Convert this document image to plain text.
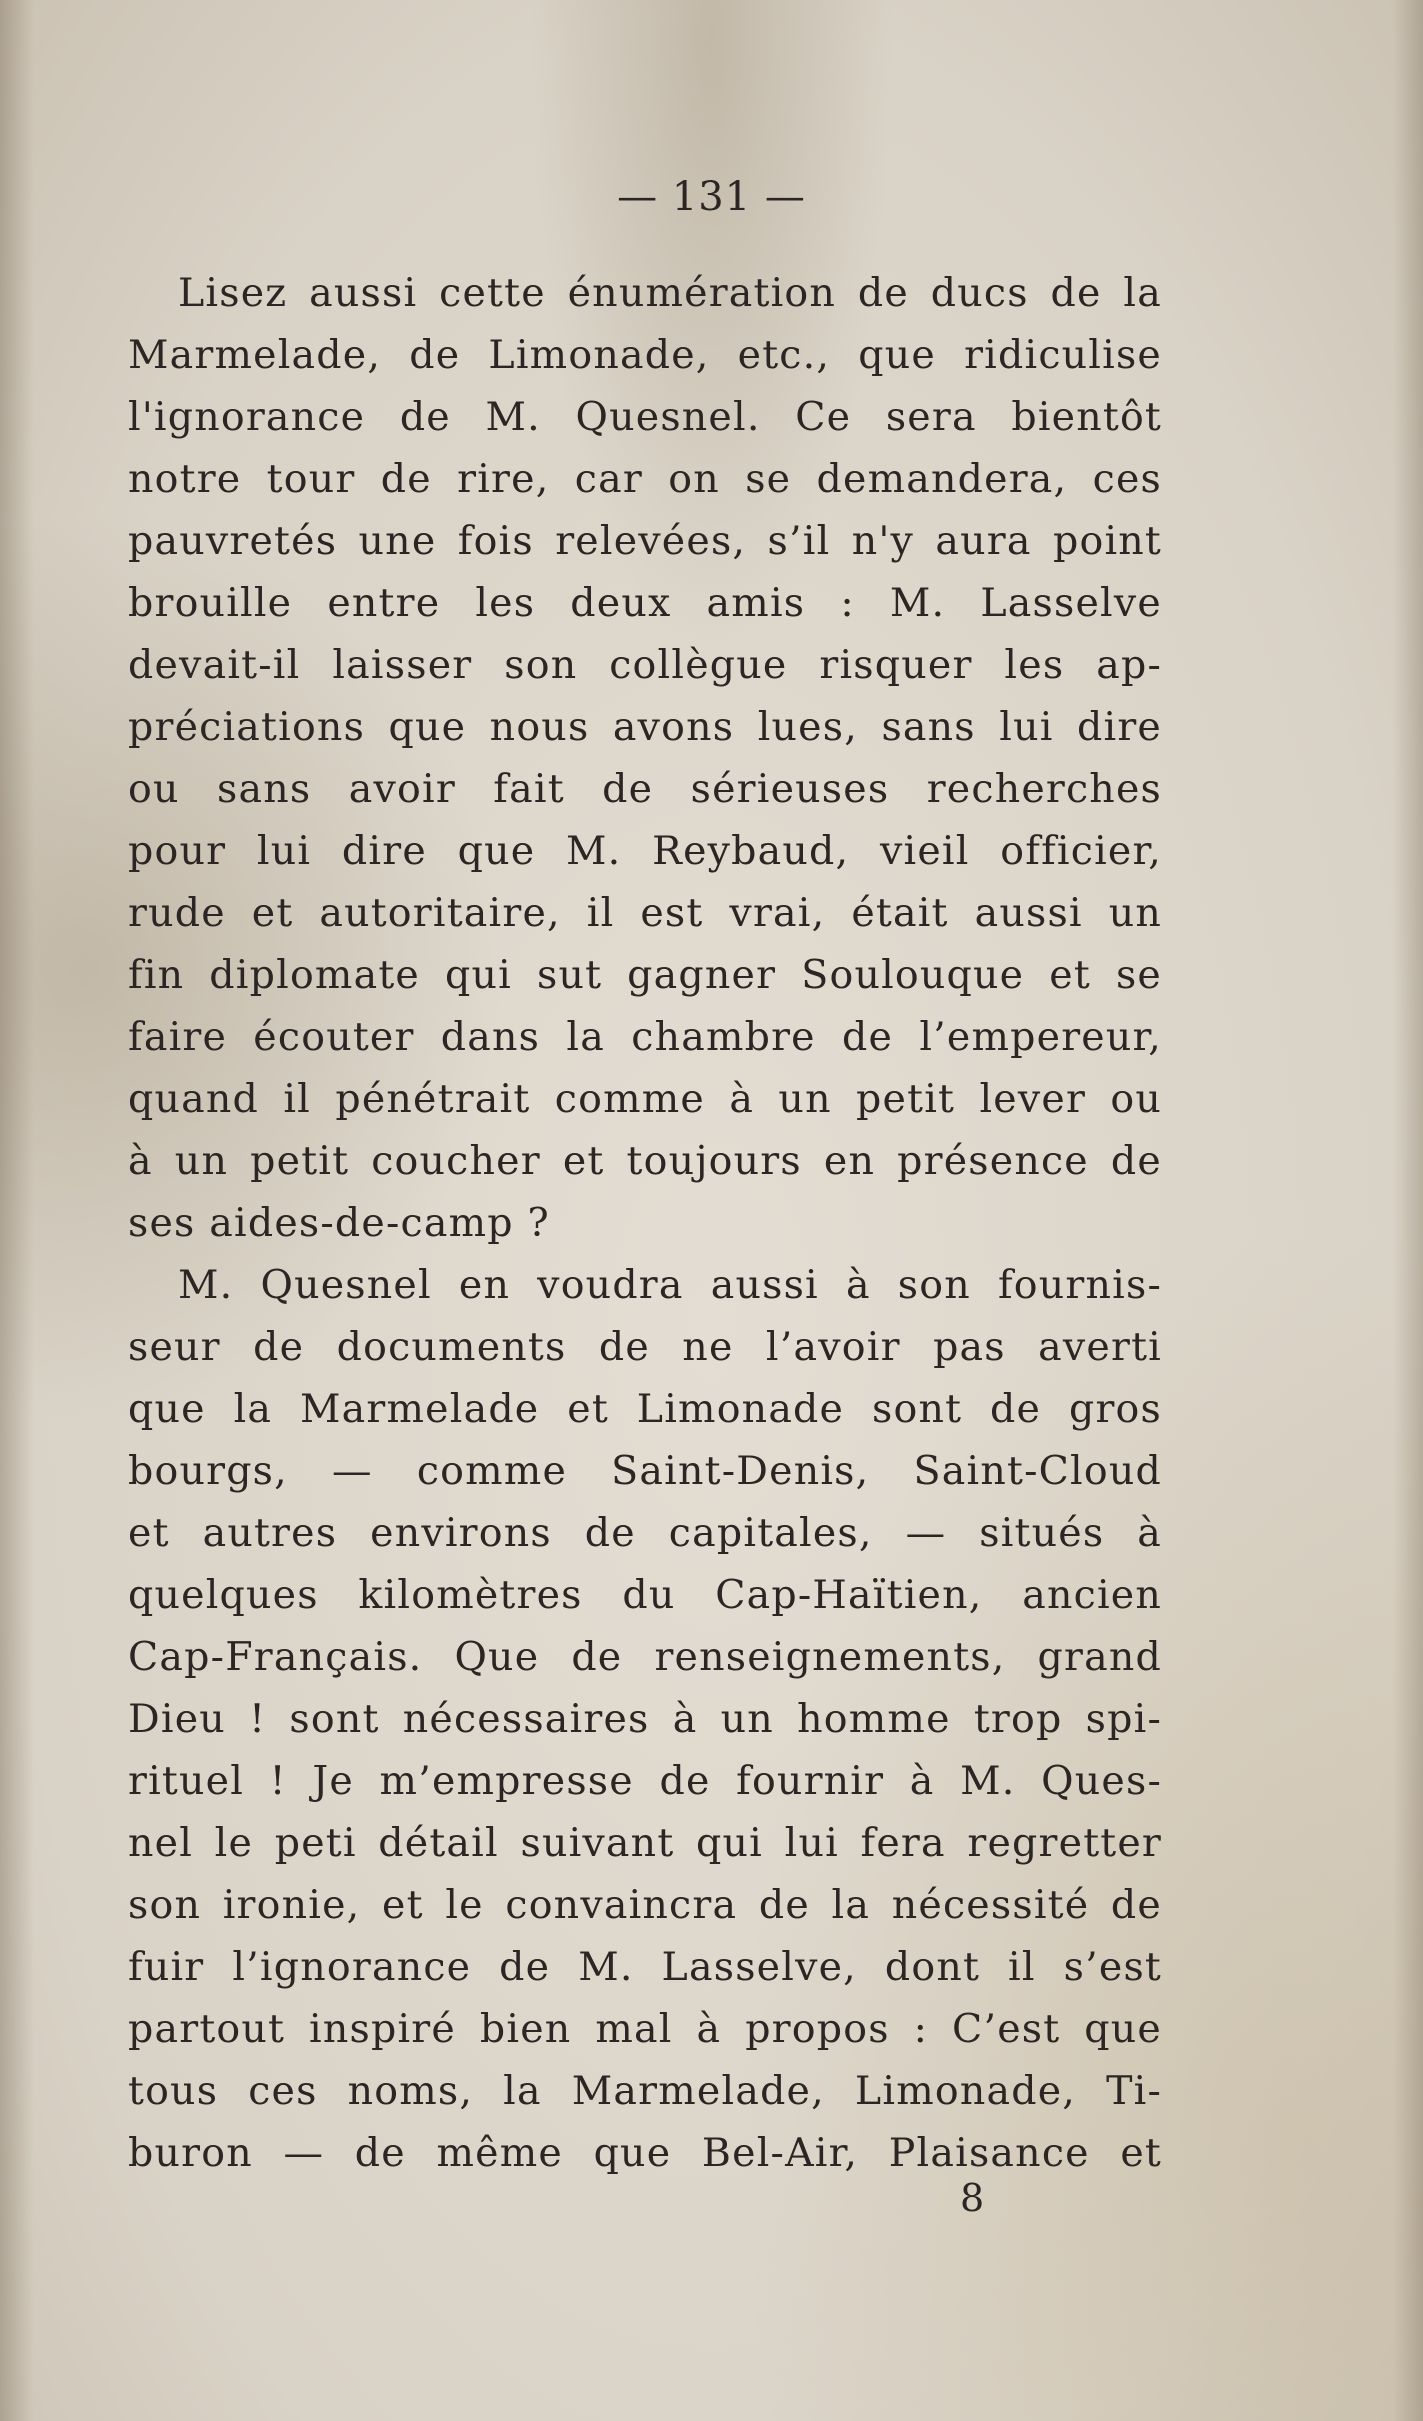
— 131 —
Lisez aussi cette énumération de ducs de la
Marmelade, de Limonade, etc., que ridiculise
l'ignorance de M. Quesnel. Ce sera bientôt
notre tour de rire, car on se demandera, ces
pauvretés une fois relevées, s’il n'y aura point
brouille entre les deux amis : M. Lasselve
devait-il laisser son collègue risquer les ap-
préciations que nous avons lues, sans lui dire
ou sans avoir fait de sérieuses recherches
pour lui dire que M. Reybaud, vieil officier,
rude et autoritaire, il est vrai, était aussi un
fin diplomate qui sut gagner Soulouque et se
faire écouter dans la chambre de l’empereur,
quand il pénétrait comme à un petit lever ou
à un petit coucher et toujours en présence de
ses aides-de-camp ?
M. Quesnel en voudra aussi à son fournis-
seur de documents de ne l’avoir pas averti
que la Marmelade et Limonade sont de gros
bourgs, — comme Saint-Denis, Saint-Cloud
et autres environs de capitales, — situés à
quelques kilomètres du Cap-Haïtien, ancien
Cap-Français. Que de renseignements, grand
Dieu ! sont nécessaires à un homme trop spi-
rituel ! Je m’empresse de fournir à M. Ques-
nel le peti détail suivant qui lui fera regretter
son ironie, et le convaincra de la nécessité de
fuir l’ignorance de M. Lasselve, dont il s’est
partout inspiré bien mal à propos : C’est que
tous ces noms, la Marmelade, Limonade, Ti-
buron — de même que Bel-Air, Plaisance et
8
